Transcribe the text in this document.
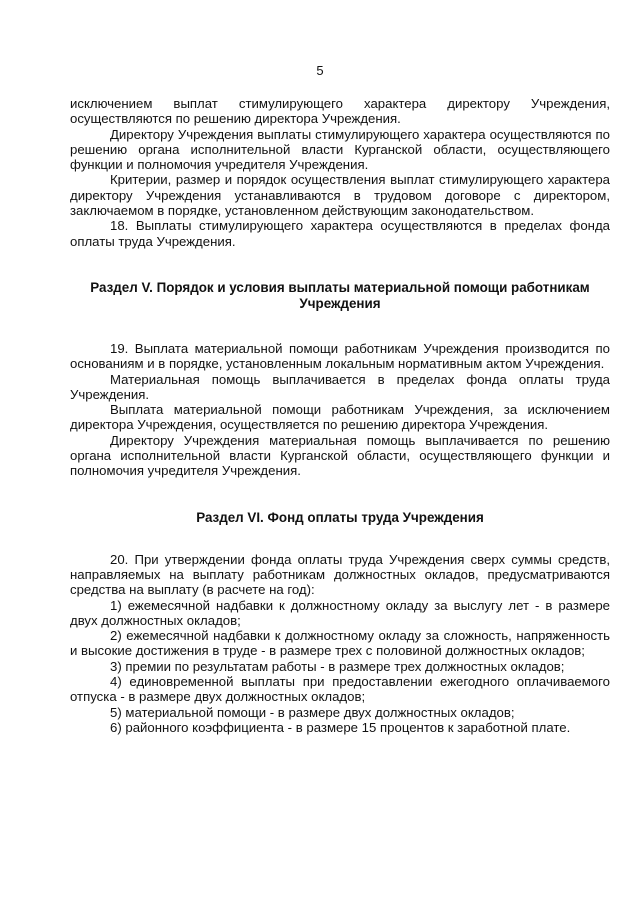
5

исключением выплат стимулирующего характера директору Учреждения, осуществляются по решению директора Учреждения.

Директору Учреждения выплаты стимулирующего характера осуществляются по решению органа исполнительной власти Курганской области, осуществляющего функции и полномочия учредителя Учреждения.

Критерии, размер и порядок осуществления выплат стимулирующего характера директору Учреждения устанавливаются в трудовом договоре с директором, заключаемом в порядке, установленном действующим законодательством.

18. Выплаты стимулирующего характера осуществляются в пределах фонда оплаты труда Учреждения.

Раздел V. Порядок и условия выплаты материальной помощи работникам Учреждения

19. Выплата материальной помощи работникам Учреждения производится по основаниям и в порядке, установленным локальным нормативным актом Учреждения.

Материальная помощь выплачивается в пределах фонда оплаты труда Учреждения.

Выплата материальной помощи работникам Учреждения, за исключением директора Учреждения, осуществляется по решению директора Учреждения.

Директору Учреждения материальная помощь выплачивается по решению органа исполнительной власти Курганской области, осуществляющего функции и полномочия учредителя Учреждения.

Раздел VI. Фонд оплаты труда Учреждения

20. При утверждении фонда оплаты труда Учреждения сверх суммы средств, направляемых на выплату работникам должностных окладов, предусматриваются средства на выплату (в расчете на год):

1) ежемесячной надбавки к должностному окладу за выслугу лет - в размере двух должностных окладов;

2) ежемесячной надбавки к должностному окладу за сложность, напряженность и высокие достижения в труде - в размере трех с половиной должностных окладов;

3) премии по результатам работы - в размере трех должностных окладов;

4) единовременной выплаты при предоставлении ежегодного оплачиваемого отпуска - в размере двух должностных окладов;

5) материальной помощи - в размере двух должностных окладов;

6) районного коэффициента - в размере 15 процентов к заработной плате.
